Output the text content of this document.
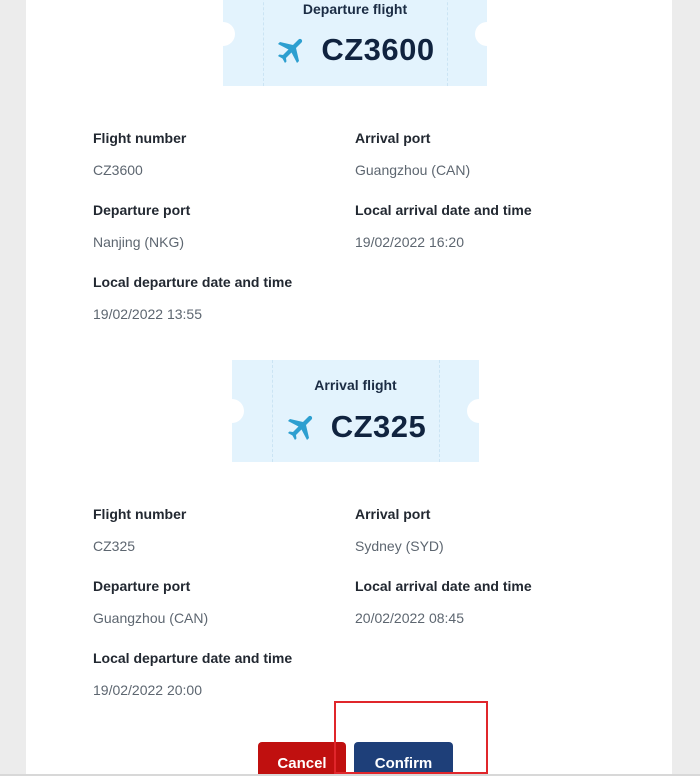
Departure flight
CZ3600
Flight number
CZ3600
Arrival port
Guangzhou (CAN)
Departure port
Nanjing (NKG)
Local arrival date and time
19/02/2022 16:20
Local departure date and time
19/02/2022 13:55
Arrival flight
CZ325
Flight number
CZ325
Arrival port
Sydney (SYD)
Departure port
Guangzhou (CAN)
Local arrival date and time
20/02/2022 08:45
Local departure date and time
19/02/2022 20:00
Cancel	Confirm
